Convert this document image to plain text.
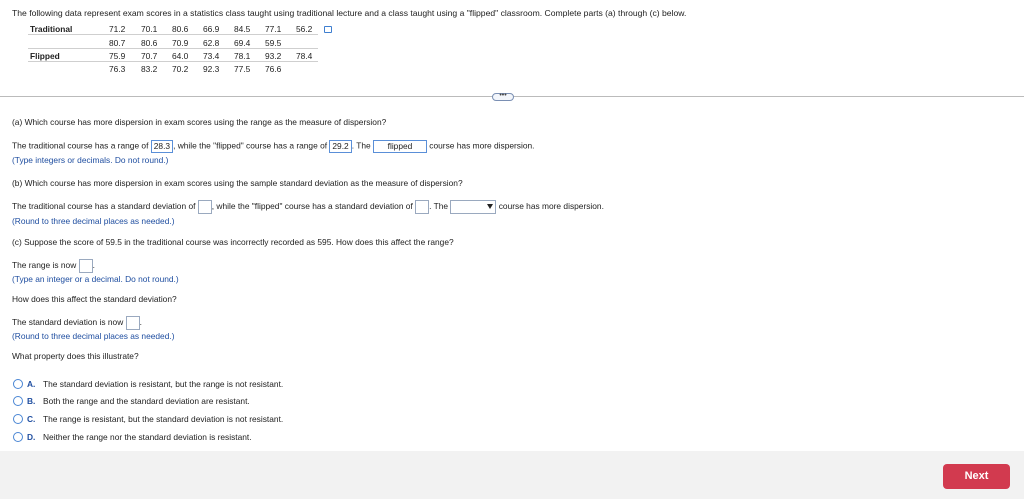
The following data represent exam scores in a statistics class taught using traditional lecture and a class taught using a "flipped" classroom. Complete parts (a) through (c) below.
Traditional
Flipped
71.2 70.1 80.6 66.9 84.5 77.1 56.2
80.7 80.6 70.9 62.8 69.4 59.5
75.9 70.7 64.0 73.4 78.1 93.2 78.4
76.3 83.2 70.2 92.3 77.5 76.6
•••
(a) Which course has more dispersion in exam scores using the range as the measure of dispersion?
The traditional course has a range of 28.3 , while the "flipped" course has a range of 29.2 . The flipped course has more dispersion.
(Type integers or decimals. Do not round.)
(b) Which course has more dispersion in exam scores using the sample standard deviation as the measure of dispersion?
The traditional course has a standard deviation of , while the "flipped" course has a standard deviation of . The	course has more dispersion.
(Round to three decimal places as needed.)
(c) Suppose the score of 59.5 in the traditional course was incorrectly recorded as 595. How does this affect the range?
The range is now .
(Type an integer or a decimal. Do not round.)
How does this affect the standard deviation?
The standard deviation is now .
(Round to three decimal places as needed.)
What property does this illustrate?
A. The standard deviation is resistant, but the range is not resistant.
B. Both the range and the standard deviation are resistant.
C. The range is resistant, but the standard deviation is not resistant.
D. Neither the range nor the standard deviation is resistant.
Next
